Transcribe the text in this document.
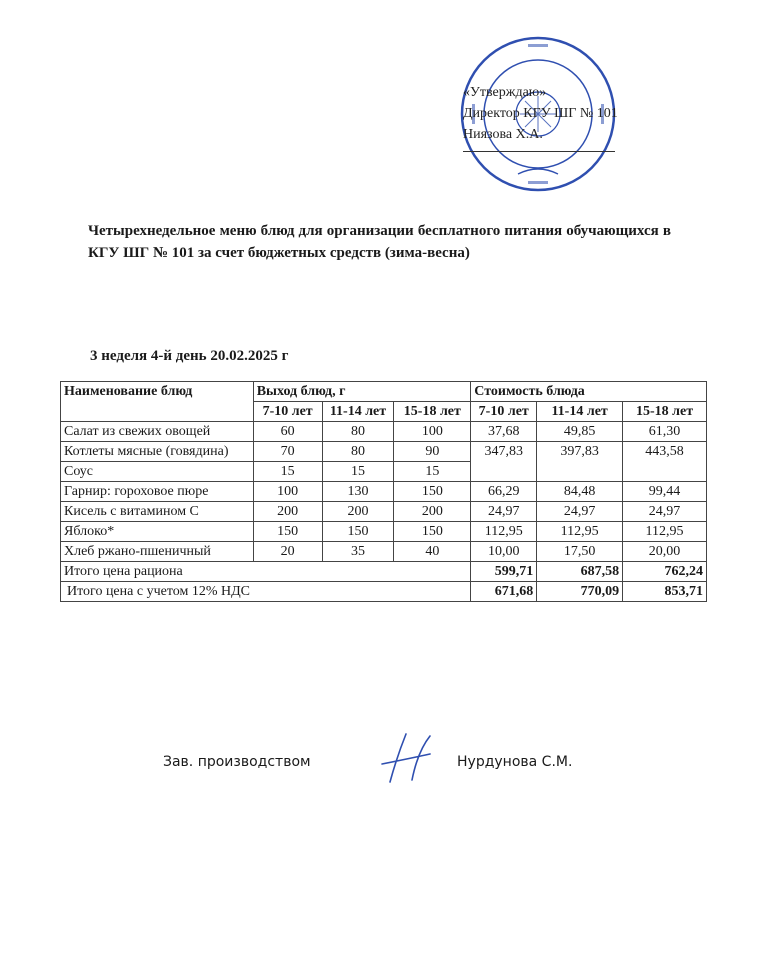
«Утверждаю»
Директор КГУ ШГ № 101
Ниязова Х.А.
Четырехнедельное меню блюд для организации бесплатного питания обучающихся в КГУ ШГ № 101 за счет бюджетных средств (зима-весна)
3 неделя 4-й день 20.02.2025 г
Наименование блюд	Выход блюд, г			Стоимость блюда		
	7-10 лет	11-14 лет	15-18 лет	7-10 лет	11-14 лет	15-18 лет
Салат из свежих овощей	60	80	100	37,68	49,85	61,30
Котлеты мясные (говядина)	70	80	90	347,83	397,83	443,58
Соус	15	15	15			
Гарнир: гороховое пюре	100	130	150	66,29	84,48	99,44
Кисель с витамином С	200	200	200	24,97	24,97	24,97
Яблоко*	150	150	150	112,95	112,95	112,95
Хлеб ржано-пшеничный	20	35	40	10,00	17,50	20,00
Итого цена рациона				599,71	687,58	762,24
Итого цена с учетом 12% НДС				671,68	770,09	853,71
Зав. производством	Нурдунова С.М.
